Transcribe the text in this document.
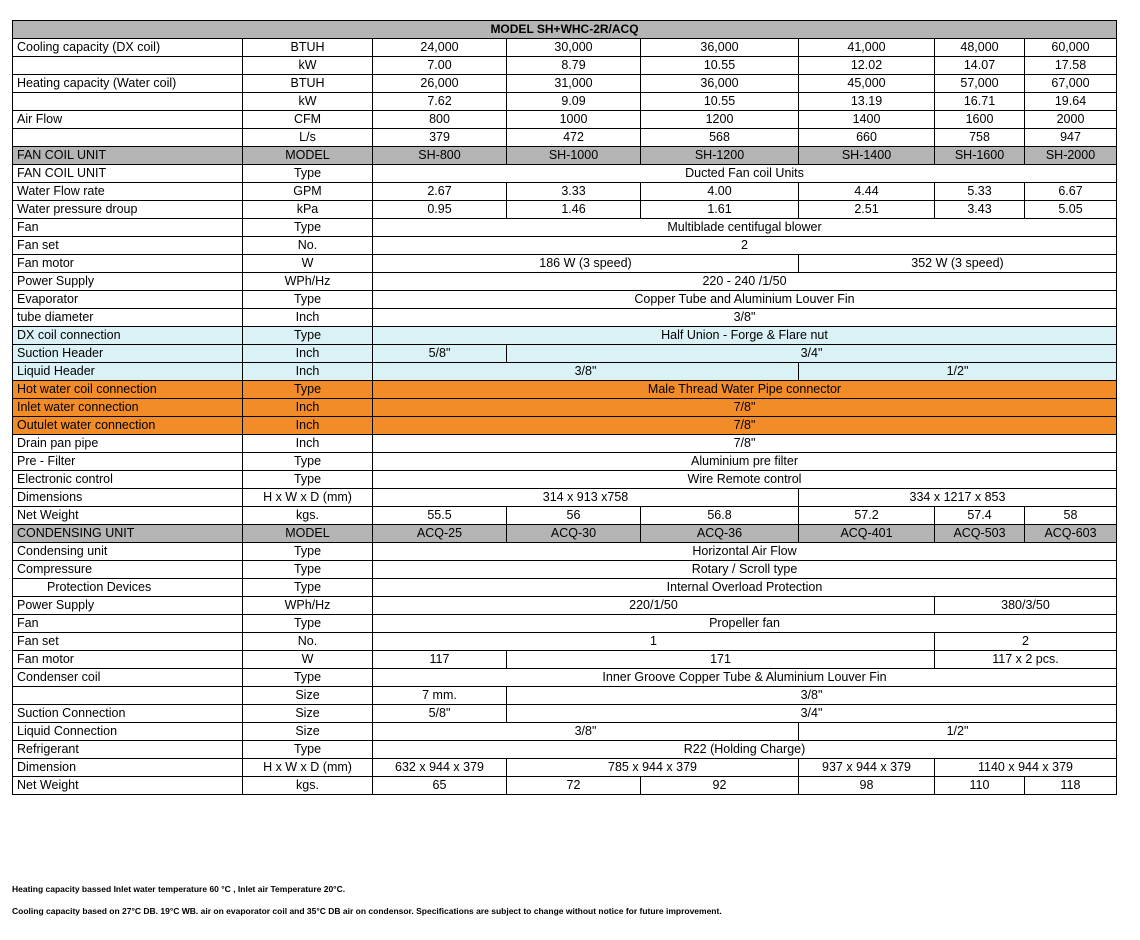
MODEL SH+WHC-2R/ACQ							
Cooling capacity (DX coil)	BTUH	24,000	30,000	36,000	41,000	48,000	60,000
	kW	7.00	8.79	10.55	12.02	14.07	17.58
Heating capacity (Water coil)	BTUH	26,000	31,000	36,000	45,000	57,000	67,000
	kW	7.62	9.09	10.55	13.19	16.71	19.64
Air Flow	CFM	800	1000	1200	1400	1600	2000
	L/s	379	472	568	660	758	947
FAN COIL UNIT	MODEL	SH-800	SH-1000	SH-1200	SH-1400	SH-1600	SH-2000
FAN COIL UNIT	Type	Ducted Fan coil Units					
Water Flow rate	GPM	2.67	3.33	4.00	4.44	5.33	6.67
Water pressure droup	kPa	0.95	1.46	1.61	2.51	3.43	5.05
Fan	Type	Multiblade centifugal blower					
Fan set	No.	2					
Fan motor	W	186 W (3 speed)			352 W (3 speed)		
Power Supply	WPh/Hz	220 - 240 /1/50					
Evaporator	Type	Copper Tube and Aluminium Louver Fin					
tube diameter	Inch	3/8"					
DX coil connection	Type	Half Union - Forge & Flare nut					
Suction Header	Inch	5/8"	3/4"				
Liquid Header	Inch	3/8"			1/2"		
Hot water coil connection	Type	Male Thread Water Pipe connector					
Inlet water connection	Inch	7/8"					
Outulet water connection	Inch	7/8"					
Drain pan pipe	Inch	7/8"					
Pre - Filter	Type	Aluminium pre filter					
Electronic control	Type	Wire Remote control					
Dimensions	H x W x D (mm)	314 x 913 x758			334 x 1217 x 853		
Net Weight	kgs.	55.5	56	56.8	57.2	57.4	58
CONDENSING UNIT	MODEL	ACQ-25	ACQ-30	ACQ-36	ACQ-401	ACQ-503	ACQ-603
Condensing unit	Type	Horizontal Air Flow					
Compressure	Type	Rotary / Scroll type					
Protection Devices	Type	Internal Overload Protection					
Power Supply	WPh/Hz	220/1/50				380/3/50	
Fan	Type	Propeller fan					
Fan set	No.	1				2	
Fan motor	W	117	171			117 x 2 pcs.	
Condenser coil	Type	Inner Groove Copper Tube & Aluminium Louver Fin					
	Size	7 mm.	3/8"				
Suction Connection	Size	5/8"	3/4"				
Liquid Connection	Size	3/8"			1/2"		
Refrigerant	Type	R22 (Holding Charge)					
Dimension	H x W x D (mm)	632 x 944 x 379	785 x 944 x 379		937 x 944 x 379	1140 x 944 x 379	
Net Weight	kgs.	65	72	92	98	110	118
Heating capacity bassed Inlet water temperature 60 °C , Inlet air Temperature 20°C.
Cooling capacity based on 27°C DB. 19°C WB. air on evaporator coil and 35°C DB air on condensor. Specifications are subject to change without notice for future improvement.
